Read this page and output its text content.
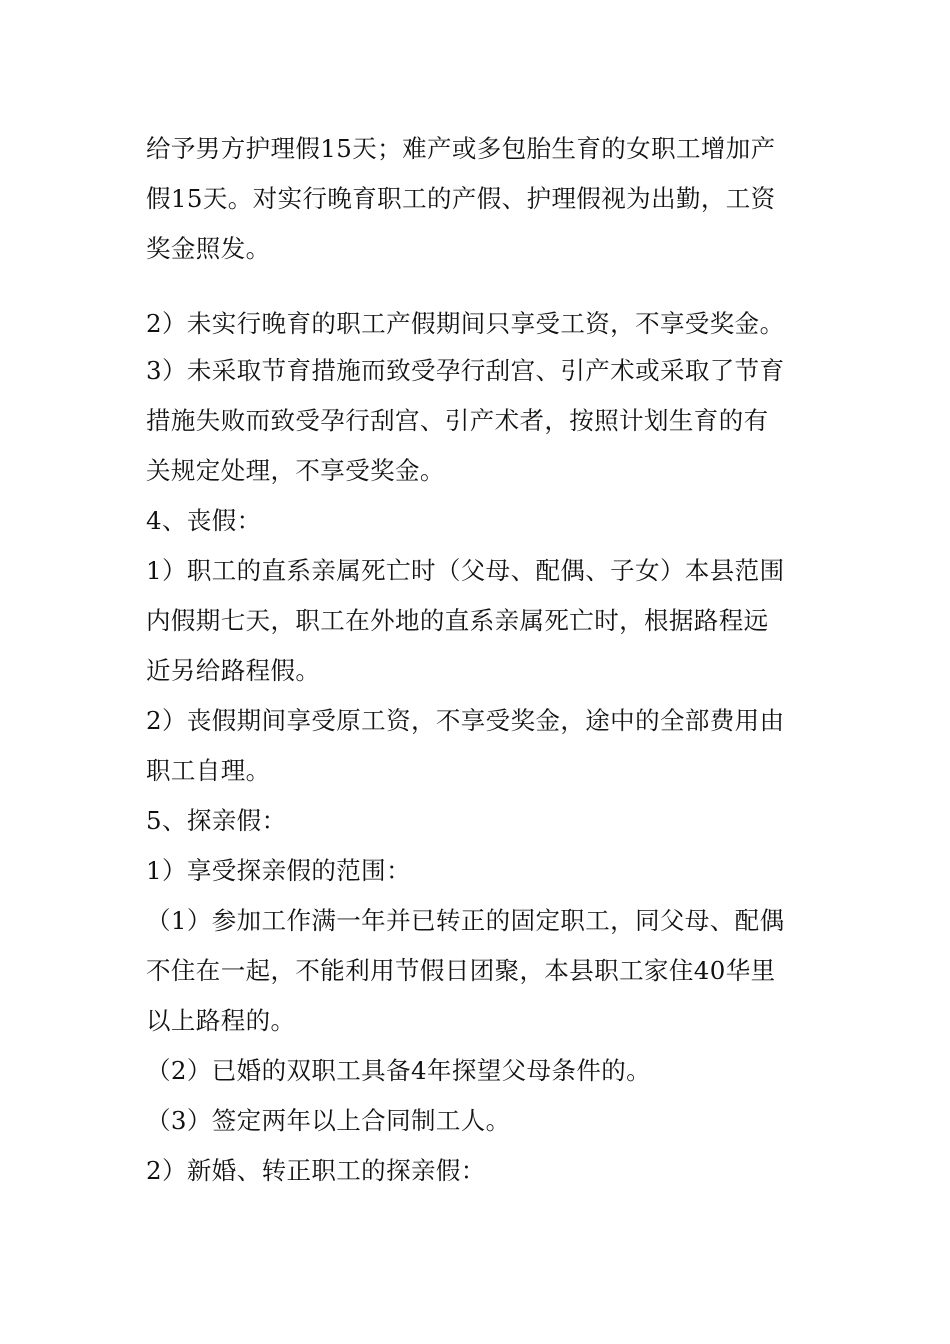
给予男方护理假15天；难产或多包胎生育的女职工增加产
假15天。对实行晚育职工的产假、护理假视为出勤，工资
奖金照发。
2）未实行晚育的职工产假期间只享受工资，不享受奖金。
3）未采取节育措施而致受孕行刮宫、引产术或采取了节育
措施失败而致受孕行刮宫、引产术者，按照计划生育的有
关规定处理，不享受奖金。
4、丧假：
1）职工的直系亲属死亡时（父母、配偶、子女）本县范围
内假期七天，职工在外地的直系亲属死亡时，根据路程远
近另给路程假。
2）丧假期间享受原工资，不享受奖金，途中的全部费用由
职工自理。
5、探亲假：
1）享受探亲假的范围：
（1）参加工作满一年并已转正的固定职工，同父母、配偶
不住在一起，不能利用节假日团聚，本县职工家住40华里
以上路程的。
（2）已婚的双职工具备4年探望父母条件的。
（3）签定两年以上合同制工人。
2）新婚、转正职工的探亲假：
